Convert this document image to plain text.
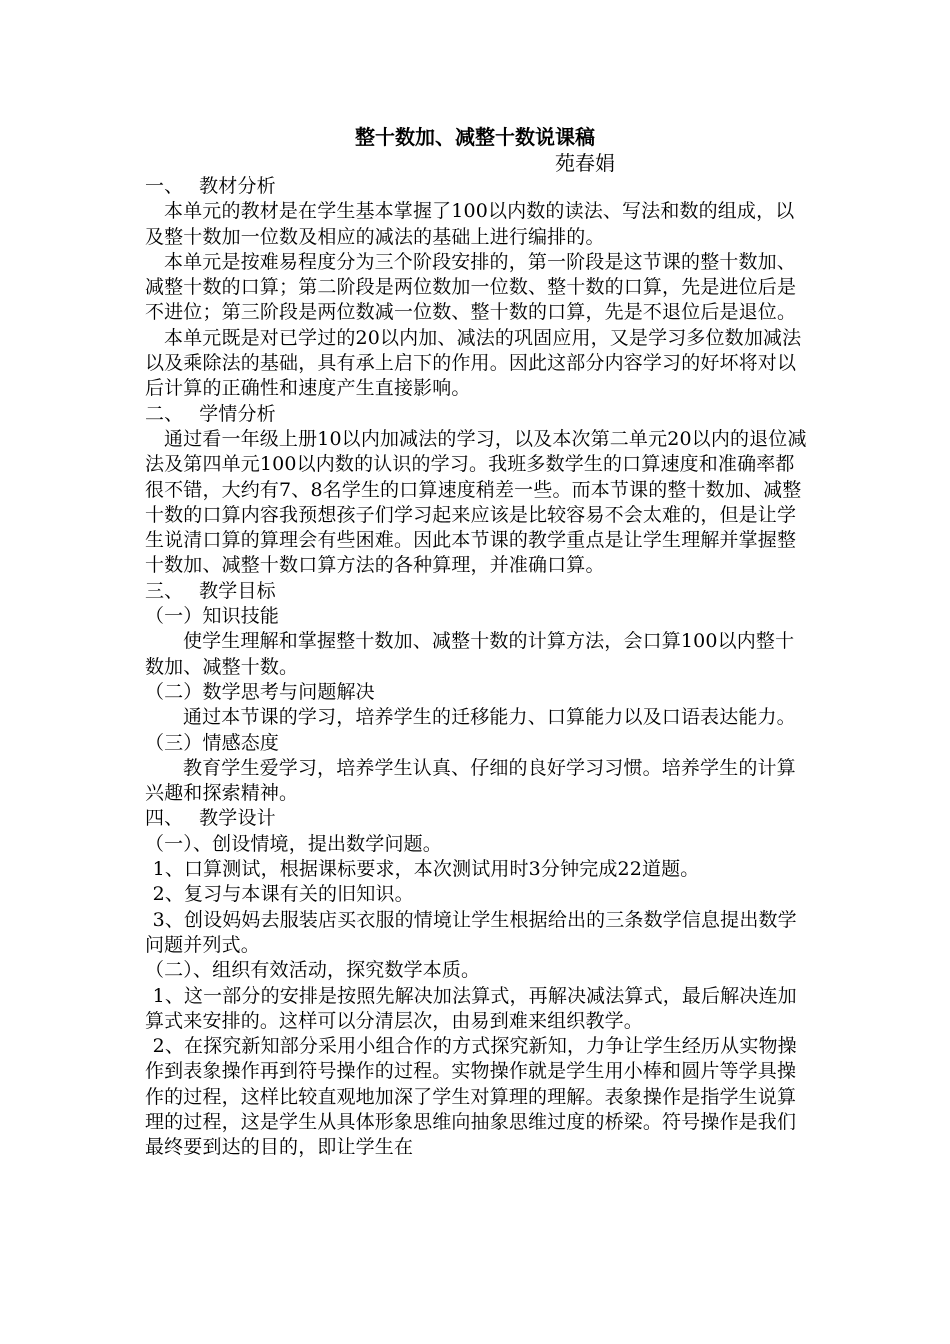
整十数加、减整十数说课稿
苑春娟

一、　 教材分析

本单元的教材是在学生基本掌握了100以内数的读法、写法和数的组成，以及整十数加一位数及相应的减法的基础上进行编排的。

本单元是按难易程度分为三个阶段安排的，第一阶段是这节课的整十数加、减整十数的口算；第二阶段是两位数加一位数、整十数的口算，先是进位后是不进位；第三阶段是两位数减一位数、整十数的口算，先是不退位后是退位。

本单元既是对已学过的20以内加、减法的巩固应用，又是学习多位数加减法以及乘除法的基础，具有承上启下的作用。因此这部分内容学习的好坏将对以后计算的正确性和速度产生直接影响。

二、　 学情分析

通过看一年级上册10以内加减法的学习，以及本次第二单元20以内的退位减法及第四单元100以内数的认识的学习。我班多数学生的口算速度和准确率都很不错，大约有7、8名学生的口算速度稍差一些。而本节课的整十数加、减整十数的口算内容我预想孩子们学习起来应该是比较容易不会太难的，但是让学生说清口算的算理会有些困难。因此本节课的教学重点是让学生理解并掌握整十数加、减整十数口算方法的各种算理，并准确口算。

三、　 教学目标

（一）知识技能

使学生理解和掌握整十数加、减整十数的计算方法，会口算100以内整十数加、减整十数。

（二）数学思考与问题解决

通过本节课的学习，培养学生的迁移能力、口算能力以及口语表达能力。

（三）情感态度

教育学生爱学习，培养学生认真、仔细的良好学习习惯。培养学生的计算兴趣和探索精神。

四、　 教学设计

（一）、创设情境，提出数学问题。

1、口算测试，根据课标要求，本次测试用时3分钟完成22道题。

2、复习与本课有关的旧知识。

3、创设妈妈去服装店买衣服的情境让学生根据给出的三条数学信息提出数学问题并列式。

（二）、组织有效活动，探究数学本质。

1、这一部分的安排是按照先解决加法算式，再解决减法算式，最后解决连加算式来安排的。这样可以分清层次，由易到难来组织教学。

2、在探究新知部分采用小组合作的方式探究新知，力争让学生经历从实物操作到表象操作再到符号操作的过程。实物操作就是学生用小棒和圆片等学具操作的过程，这样比较直观地加深了学生对算理的理解。表象操作是指学生说算理的过程，这是学生从具体形象思维向抽象思维过度的桥梁。符号操作是我们最终要到达的目的，即让学生在
